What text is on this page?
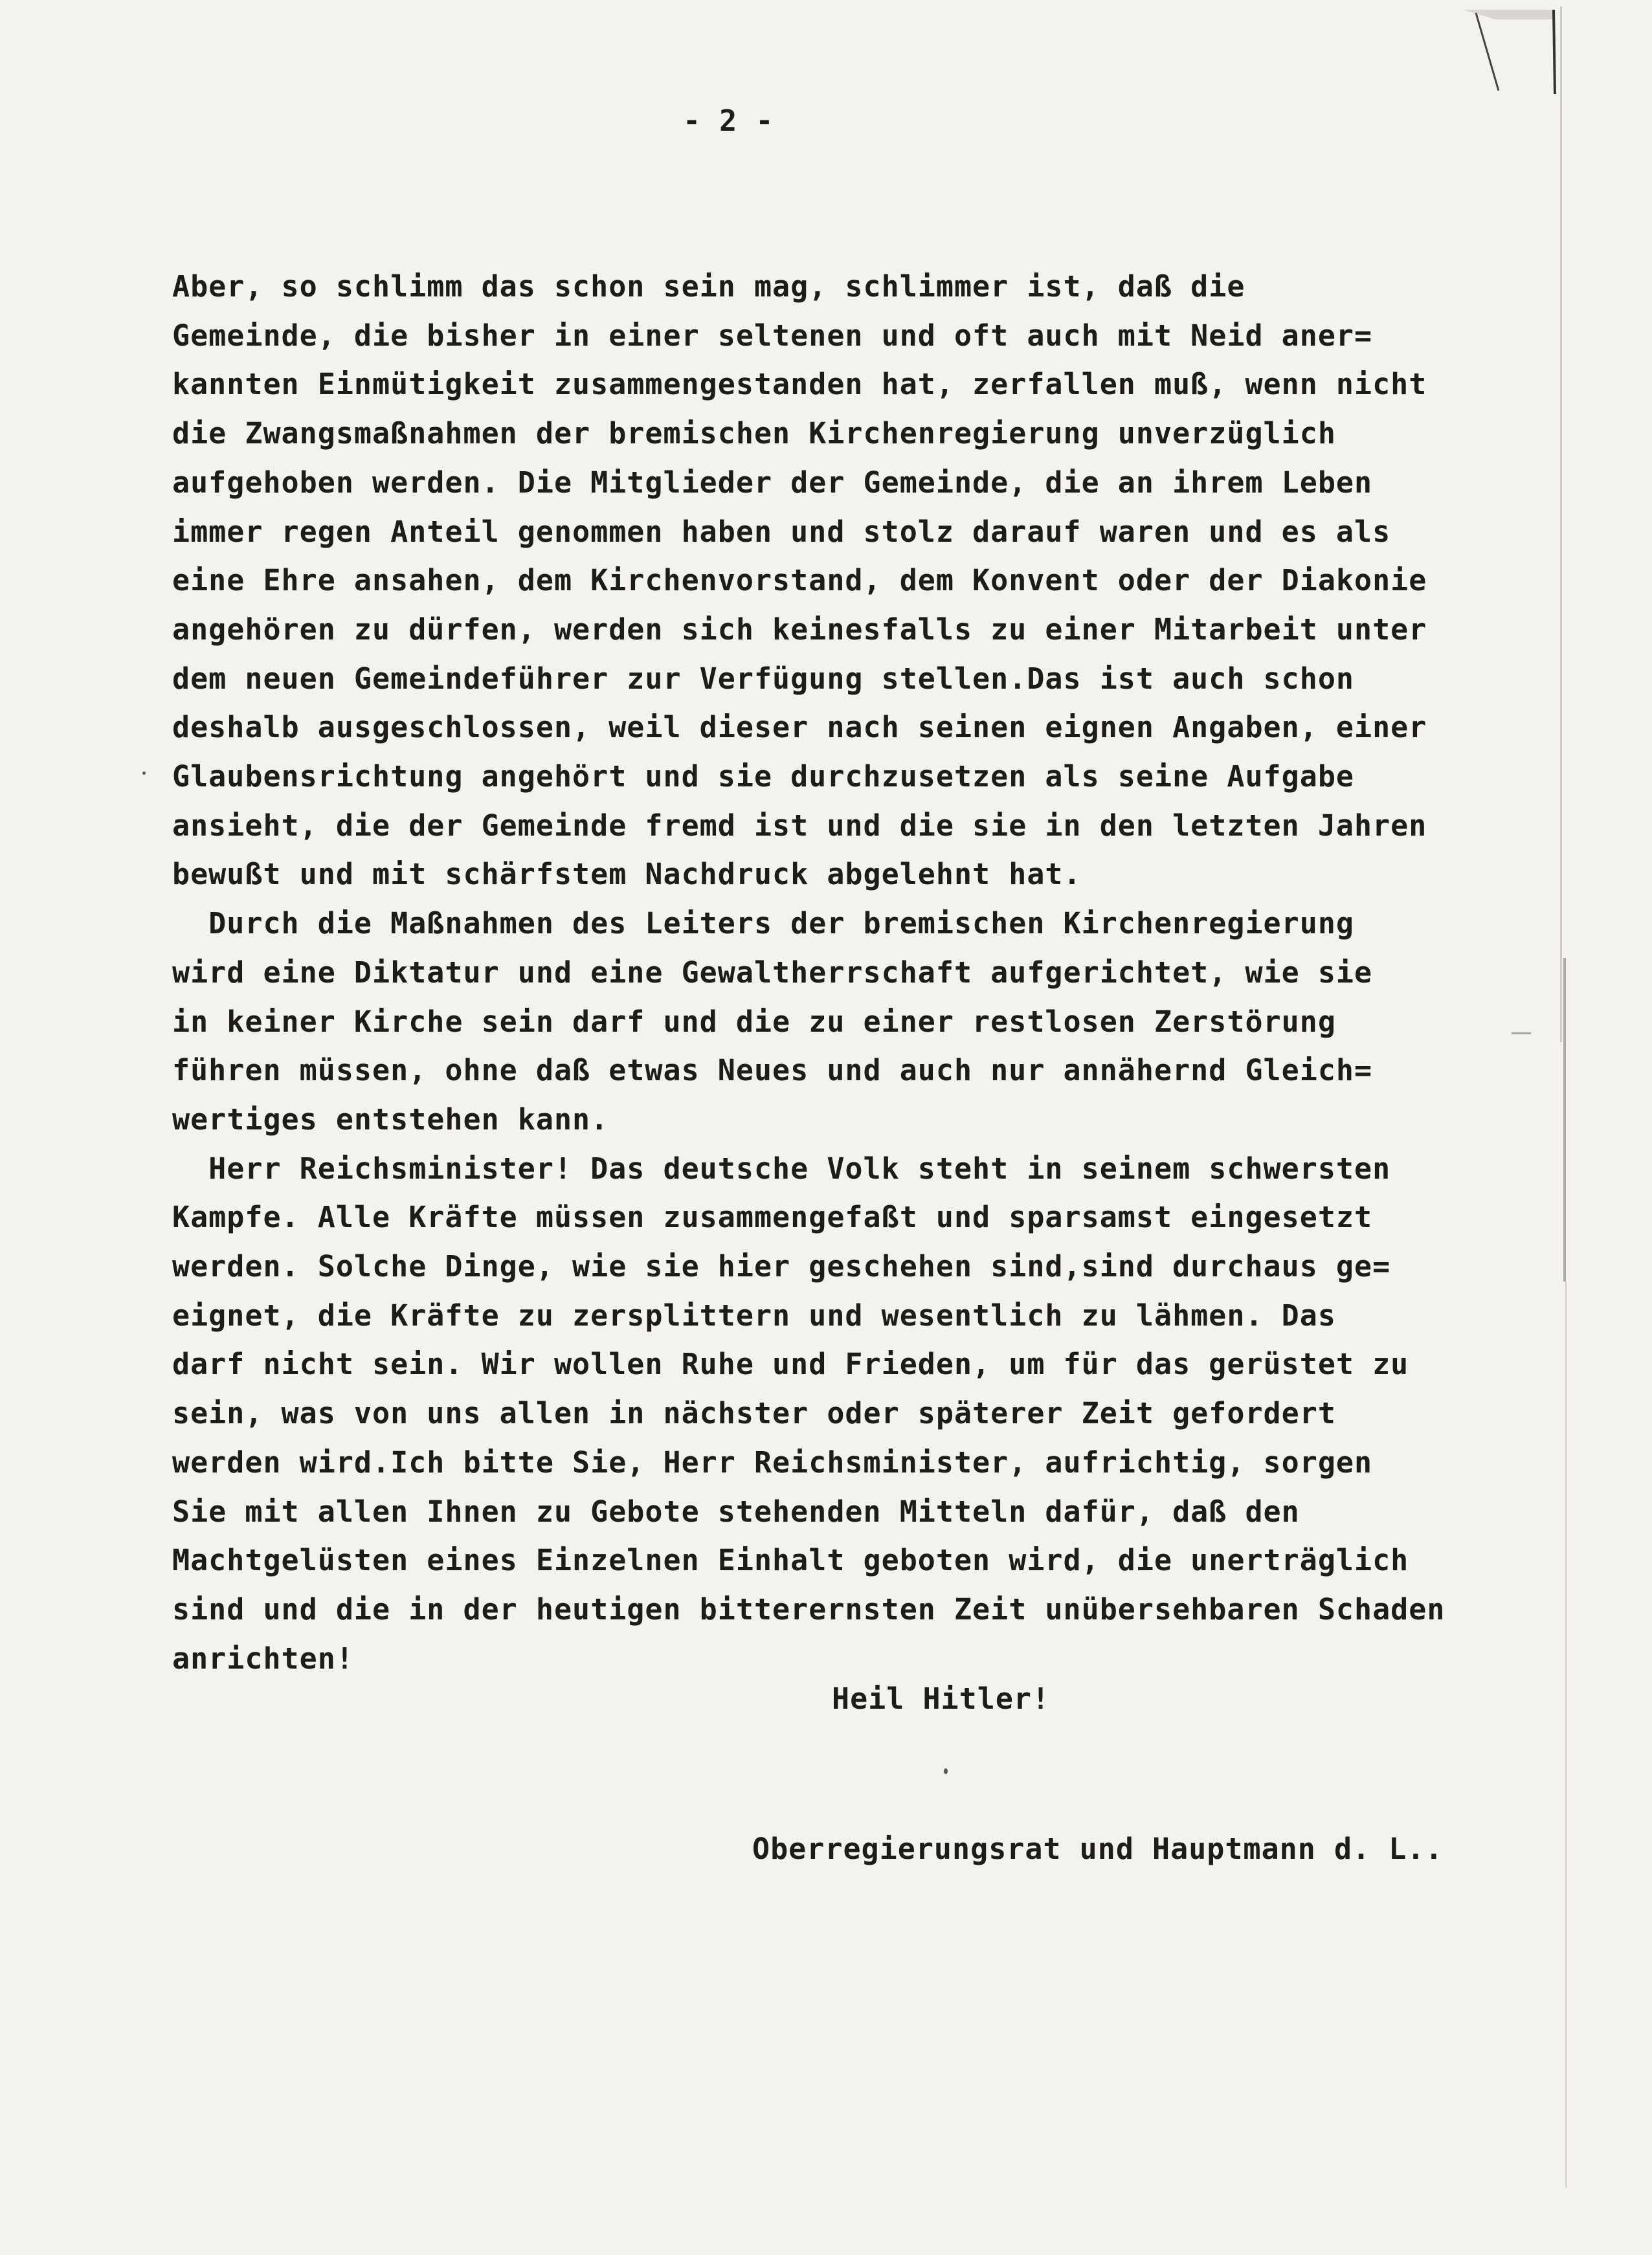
- 2 -

Aber, so schlimm das schon sein mag, schlimmer ist, daß die
Gemeinde, die bisher in einer seltenen und oft auch mit Neid aner=
kannten Einmütigkeit zusammengestanden hat, zerfallen muß, wenn nicht
die Zwangsmaßnahmen der bremischen Kirchenregierung unverzüglich
aufgehoben werden. Die Mitglieder der Gemeinde, die an ihrem Leben
immer regen Anteil genommen haben und stolz darauf waren und es als
eine Ehre ansahen, dem Kirchenvorstand, dem Konvent oder der Diakonie
angehören zu dürfen, werden sich keinesfalls zu einer Mitarbeit unter
dem neuen Gemeindeführer zur Verfügung stellen.Das ist auch schon
deshalb ausgeschlossen, weil dieser nach seinen eignen Angaben, einer
Glaubensrichtung angehört und sie durchzusetzen als seine Aufgabe
ansieht, die der Gemeinde fremd ist und die sie in den letzten Jahren
bewußt und mit schärfstem Nachdruck abgelehnt hat.
Durch die Maßnahmen des Leiters der bremischen Kirchenregierung
wird eine Diktatur und eine Gewaltherrschaft aufgerichtet, wie sie
in keiner Kirche sein darf und die zu einer restlosen Zerstörung
führen müssen, ohne daß etwas Neues und auch nur annähernd Gleich=
wertiges entstehen kann.
Herr Reichsminister! Das deutsche Volk steht in seinem schwersten
Kampfe. Alle Kräfte müssen zusammengefaßt und sparsamst eingesetzt
werden. Solche Dinge, wie sie hier geschehen sind,sind durchaus ge=
eignet, die Kräfte zu zersplittern und wesentlich zu lähmen. Das
darf nicht sein. Wir wollen Ruhe und Frieden, um für das gerüstet zu
sein, was von uns allen in nächster oder späterer Zeit gefordert
werden wird.Ich bitte Sie, Herr Reichsminister, aufrichtig, sorgen
Sie mit allen Ihnen zu Gebote stehenden Mitteln dafür, daß den
Machtgelüsten eines Einzelnen Einhalt geboten wird, die unerträglich
sind und die in der heutigen bitterernsten Zeit unübersehbaren Schaden
anrichten!

Heil Hitler!

Oberregierungsrat und Hauptmann d. L..
